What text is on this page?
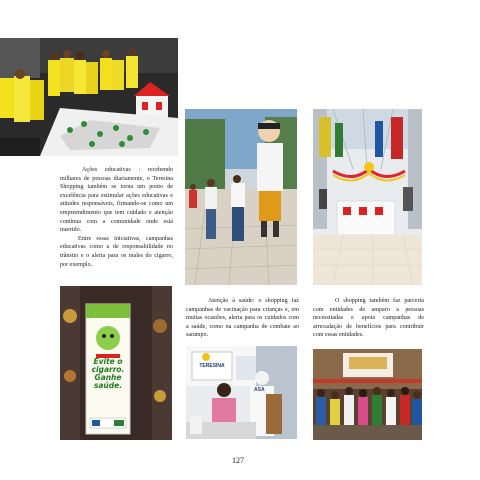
Ações educativas : recebendo milhares de pessoas diariamente, o Teresina Shopping também se torna um ponto de excelência para estimular ações educativas e atitudes responsáveis, firmando-se como um empreendimento que tem cuidado e atenção contínua com a comunidade onde está inserido.

Entre essas iniciativas, campanhas educativas como a de responsabilidade no trânsito e o alerta para os males do cigarro, por exemplo.

Evite o cigarro. Ganhe saúde.

Atenção à saúde: o shopping faz campanhas de vacinação para crianças e, em muitas ocasiões, alerta para os cuidados com a saúde, como na campanha de combate ao sarampo.

O shopping também faz parceria com entidades de amparo a pessoas necessitadas e apoia campanhas de arrecadação de benefícios para contribuir com essas entidades.

TERESINA
ASA
127
